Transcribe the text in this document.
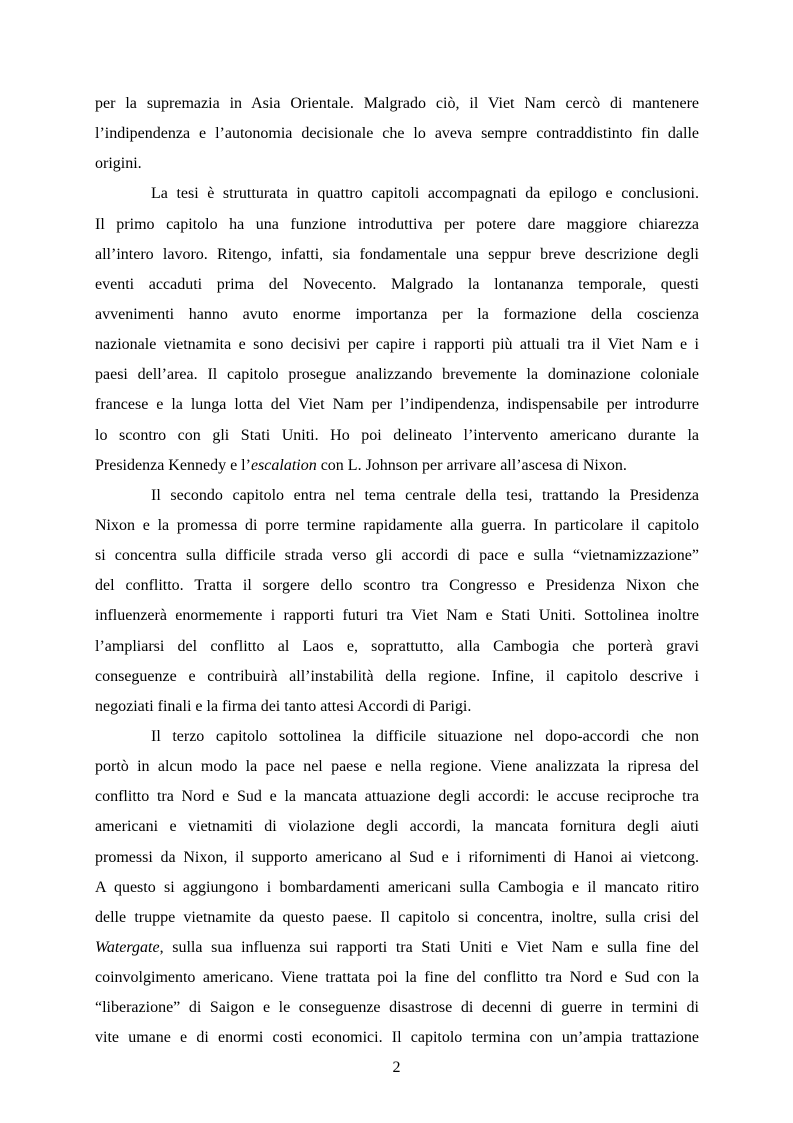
per la supremazia in Asia Orientale. Malgrado ciò, il Viet Nam cercò di mantenere
l’indipendenza e l’autonomia decisionale che lo aveva sempre contraddistinto fin dalle
origini.
La tesi è strutturata in quattro capitoli accompagnati da epilogo e conclusioni.
Il primo capitolo ha una funzione introduttiva per potere dare maggiore chiarezza
all’intero lavoro. Ritengo, infatti, sia fondamentale una seppur breve descrizione degli
eventi accaduti prima del Novecento. Malgrado la lontananza temporale, questi
avvenimenti hanno avuto enorme importanza per la formazione della coscienza
nazionale vietnamita e sono decisivi per capire i rapporti più attuali tra il Viet Nam e i
paesi dell’area. Il capitolo prosegue analizzando brevemente la dominazione coloniale
francese e la lunga lotta del Viet Nam per l’indipendenza, indispensabile per introdurre
lo scontro con gli Stati Uniti. Ho poi delineato l’intervento americano durante la
Presidenza Kennedy e l’escalation con L. Johnson per arrivare all’ascesa di Nixon.
Il secondo capitolo entra nel tema centrale della tesi, trattando la Presidenza
Nixon e la promessa di porre termine rapidamente alla guerra. In particolare il capitolo
si concentra sulla difficile strada verso gli accordi di pace e sulla “vietnamizzazione”
del conflitto. Tratta il sorgere dello scontro tra Congresso e Presidenza Nixon che
influenzerà enormemente i rapporti futuri tra Viet Nam e Stati Uniti. Sottolinea inoltre
l’ampliarsi del conflitto al Laos e, soprattutto, alla Cambogia che porterà gravi
conseguenze e contribuirà all’instabilità della regione. Infine, il capitolo descrive i
negoziati finali e la firma dei tanto attesi Accordi di Parigi.
Il terzo capitolo sottolinea la difficile situazione nel dopo-accordi che non
portò in alcun modo la pace nel paese e nella regione. Viene analizzata la ripresa del
conflitto tra Nord e Sud e la mancata attuazione degli accordi: le accuse reciproche tra
americani e vietnamiti di violazione degli accordi, la mancata fornitura degli aiuti
promessi da Nixon, il supporto americano al Sud e i rifornimenti di Hanoi ai vietcong.
A questo si aggiungono i bombardamenti americani sulla Cambogia e il mancato ritiro
delle truppe vietnamite da questo paese. Il capitolo si concentra, inoltre, sulla crisi del
Watergate, sulla sua influenza sui rapporti tra Stati Uniti e Viet Nam e sulla fine del
coinvolgimento americano. Viene trattata poi la fine del conflitto tra Nord e Sud con la
“liberazione” di Saigon e le conseguenze disastrose di decenni di guerre in termini di
vite umane e di enormi costi economici. Il capitolo termina con un’ampia trattazione
2
